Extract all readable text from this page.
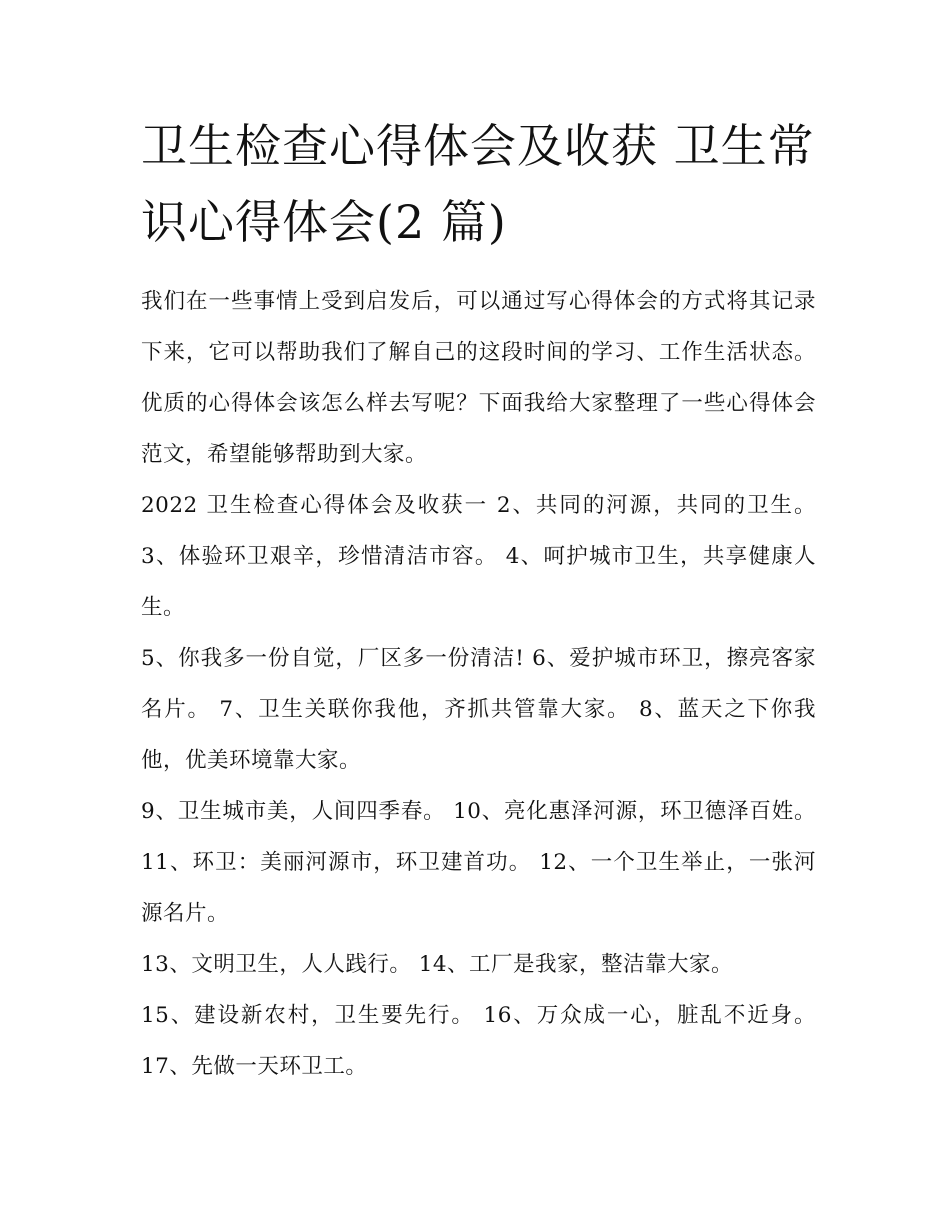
卫生检查心得体会及收获 卫生常识心得体会(2 篇)

我们在一些事情上受到启发后，可以通过写心得体会的方式将其记录下来，它可以帮助我们了解自己的这段时间的学习、工作生活状态。优质的心得体会该怎么样去写呢？下面我给大家整理了一些心得体会范文，希望能够帮助到大家。

2022 卫生检查心得体会及收获一 2、共同的河源，共同的卫生。 3、体验环卫艰辛，珍惜清洁市容。 4、呵护城市卫生，共享健康人生。

5、你我多一份自觉，厂区多一份清洁! 6、爱护城市环卫，擦亮客家名片。 7、卫生关联你我他，齐抓共管靠大家。 8、蓝天之下你我他，优美环境靠大家。

9、卫生城市美，人间四季春。 10、亮化惠泽河源，环卫德泽百姓。 11、环卫：美丽河源市，环卫建首功。 12、一个卫生举止，一张河源名片。

13、文明卫生，人人践行。 14、工厂是我家，整洁靠大家。

15、建设新农村，卫生要先行。 16、万众成一心，脏乱不近身。 17、先做一天环卫工。
